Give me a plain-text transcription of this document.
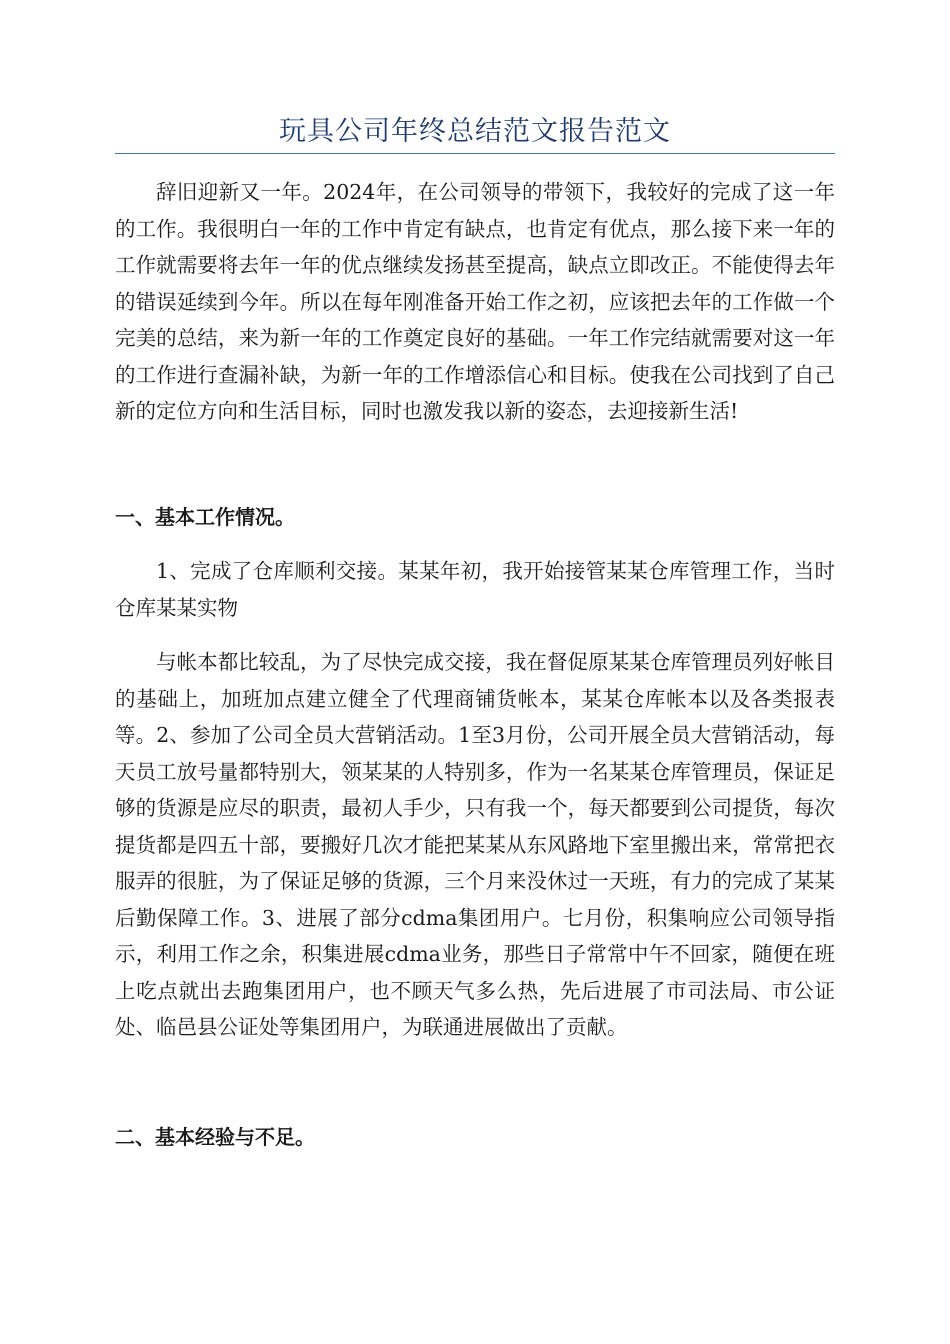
玩具公司年终总结范文报告范文

辞旧迎新又一年。2024年，在公司领导的带领下，我较好的完成了这一年的工作。我很明白一年的工作中肯定有缺点，也肯定有优点，那么接下来一年的工作就需要将去年一年的优点继续发扬甚至提高，缺点立即改正。不能使得去年的错误延续到今年。所以在每年刚准备开始工作之初，应该把去年的工作做一个完美的总结，来为新一年的工作奠定良好的基础。一年工作完结就需要对这一年的工作进行查漏补缺，为新一年的工作增添信心和目标。使我在公司找到了自己新的定位方向和生活目标，同时也激发我以新的姿态，去迎接新生活!

一、基本工作情况。

1、完成了仓库顺利交接。某某年初，我开始接管某某仓库管理工作，当时仓库某某实物

与帐本都比较乱，为了尽快完成交接，我在督促原某某仓库管理员列好帐目的基础上，加班加点建立健全了代理商铺货帐本，某某仓库帐本以及各类报表等。2、参加了公司全员大营销活动。1至3月份，公司开展全员大营销活动，每天员工放号量都特别大，领某某的人特别多，作为一名某某仓库管理员，保证足够的货源是应尽的职责，最初人手少，只有我一个，每天都要到公司提货，每次提货都是四五十部，要搬好几次才能把某某从东风路地下室里搬出来，常常把衣服弄的很脏，为了保证足够的货源，三个月来没休过一天班，有力的完成了某某后勤保障工作。3、进展了部分cdma集团用户。七月份，积集响应公司领导指示，利用工作之余，积集进展cdma业务，那些日子常常中午不回家，随便在班上吃点就出去跑集团用户，也不顾天气多么热，先后进展了市司法局、市公证处、临邑县公证处等集团用户，为联通进展做出了贡献。

二、基本经验与不足。
